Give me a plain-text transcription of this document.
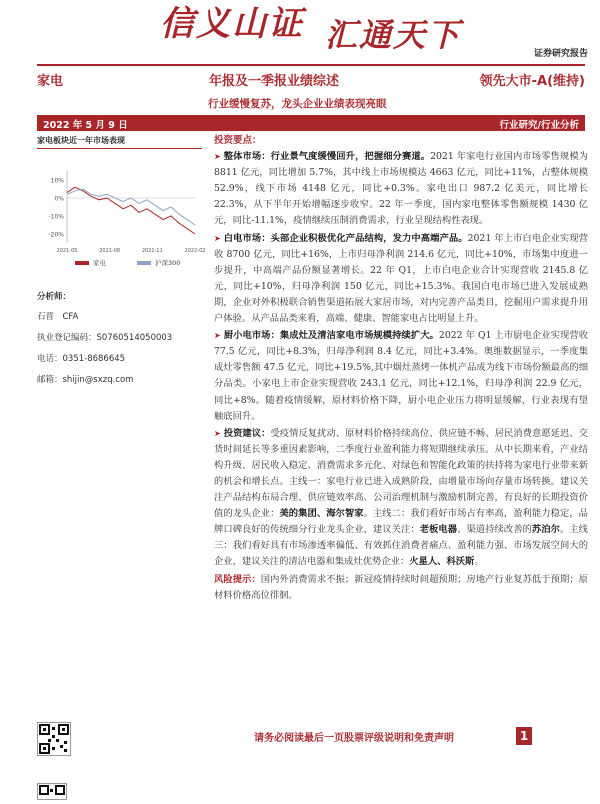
信义山证 汇通天下	证券研究报告
家电	年报及一季报业绩综述	领先大市-A(维持)
行业缓慢复苏，龙头企业业绩表现亮眼
2022 年 5 月 9 日	行业研究/行业分析
家电板块近一年市场表现
10%
0%
-10%
-20%
2021-05	2021-08	2021-11	2022-02
家电	沪深300
分析师：
石晋　CFA
执业登记编码：S0760514050003
电话：0351-8686645
邮箱：shijin@sxzq.com
投资要点：
➤ 整体市场：行业景气度缓慢回升，把握细分赛道。2021 年家电行业国内市场零售规模为 8811 亿元，同比增加 5.7%，其中线上市场规模达 4663 亿元，同比+11%，占整体规模 52.9%，线下市场 4148 亿元，同比+0.3%。家电出口 987.2 亿美元，同比增长 22.3%，从下半年开始增幅逐步收窄。22 年一季度，国内家电整体零售额规模 1430 亿元，同比-11.1%，疫情继续压制消费需求，行业呈现结构性表现。
➤ 白电市场：头部企业积极优化产品结构，发力中高端产品。2021 年上市白电企业实现营收 8700 亿元，同比+16%，上市归母净利润 214.6 亿元，同比+10%，市场集中度进一步提升，中高端产品份额显著增长。22 年 Q1，上市白电企业合计实现营收 2145.8 亿元，同比+10%，归母净利润 150 亿元，同比+15.3%。我国白电市场已进入发展成熟期，企业对外积极联合销售渠道拓展大家居市场，对内完善产品类目，挖掘用户需求提升用户体验。从产品品类来看，高端、健康、智能家电占比明显上升。
➤ 厨小电市场：集成灶及清洁家电市场规模持续扩大。2022 年 Q1 上市厨电企业实现营收 77.5 亿元，同比+8.3%，归母净利润 8.4 亿元，同比+3.4%。奥维数据显示，一季度集成灶零售额 47.5 亿元，同比+19.5%,其中烟灶蒸烤一体机产品成为线下市场份额最高的细分品类。小家电上市企业实现营收 243.1 亿元，同比+12.1%，归母净利润 22.9 亿元，同比+8%。随着疫情缓解，原材料价格下降，厨小电企业压力将明显缓解，行业表现有望触底回升。
➤ 投资建议：受疫情反复扰动、原材料价格持续高位、供应链不畅、居民消费意愿延迟、交货时间延长等多重因素影响，二季度行业盈利能力将短期继续承压。从中长期来看，产业结构升级、居民收入稳定、消费需求多元化、对绿色和智能化政策的扶持将为家电行业带来新的机会和增长点。主线一：家电行业已进入成熟阶段，由增量市场向存量市场转换。建议关注产品结构布局合理、供应链效率高、公司治理机制与激励机制完善，有良好的长期投资价值的龙头企业：美的集团、海尔智家。主线二：我们看好市场占有率高，盈利能力稳定，品牌口碑良好的传统细分行业龙头企业，建议关注：老板电器、渠道持续改善的苏泊尔。主线三：我们看好具有市场渗透率偏低、有效抓住消费者痛点、盈利能力强、市场发展空间大的企业，建议关注的清洁电器和集成灶优势企业：火星人、科沃斯。
风险提示：国内外消费需求不振；新冠疫情持续时间超预期；房地产行业复苏低于预期；原材料价格高位徘徊。
请务必阅读最后一页股票评级说明和免责声明	1
